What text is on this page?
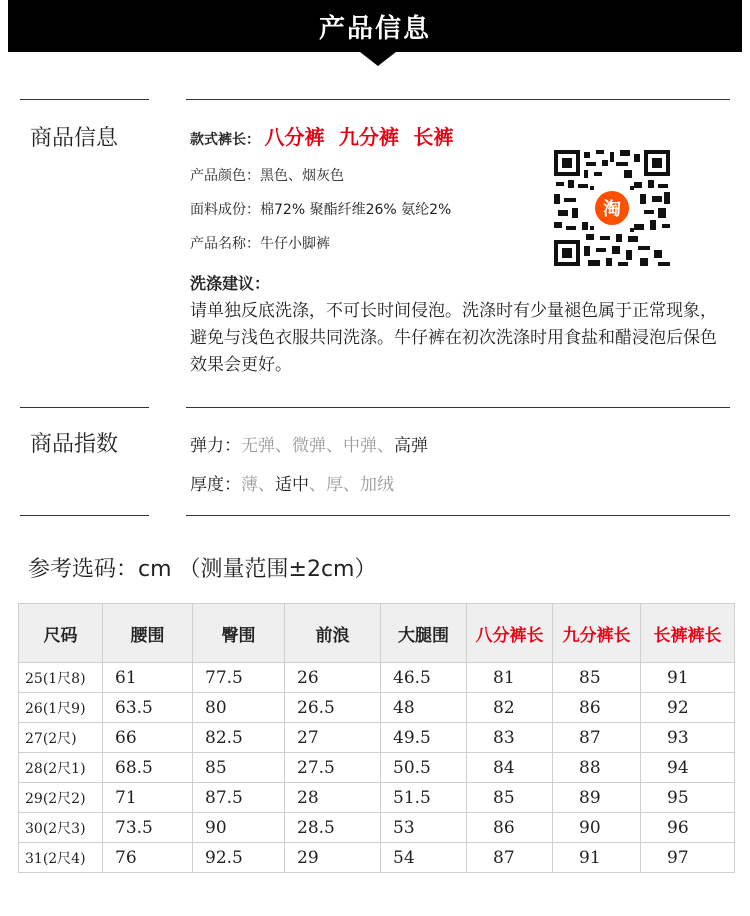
产品信息
商品信息	款式裤长： 八分裤 九分裤 长裤
产品颜色：黑色、烟灰色
面料成份：棉72% 聚酯纤维26% 氨纶2%
产品名称：牛仔小脚裤
洗涤建议：
请单独反底洗涤，不可长时间侵泡。洗涤时有少量褪色属于正常现象，避免与浅色衣服共同洗涤。牛仔裤在初次洗涤时用食盐和醋浸泡后保色效果会更好。
淘
商品指数	弹力：无弹、微弹、中弹、高弹
厚度：薄、适中、厚、加绒
参考选码：cm （测量范围±2cm）
尺码	腰围	臀围	前浪	大腿围	八分裤长	九分裤长	长裤裤长
25(1尺8)	61	77.5	26	46.5	81	85	91
26(1尺9)	63.5	80	26.5	48	82	86	92
27(2尺)	66	82.5	27	49.5	83	87	93
28(2尺1)	68.5	85	27.5	50.5	84	88	94
29(2尺2)	71	87.5	28	51.5	85	89	95
30(2尺3)	73.5	90	28.5	53	86	90	96
31(2尺4)	76	92.5	29	54	87	91	97
